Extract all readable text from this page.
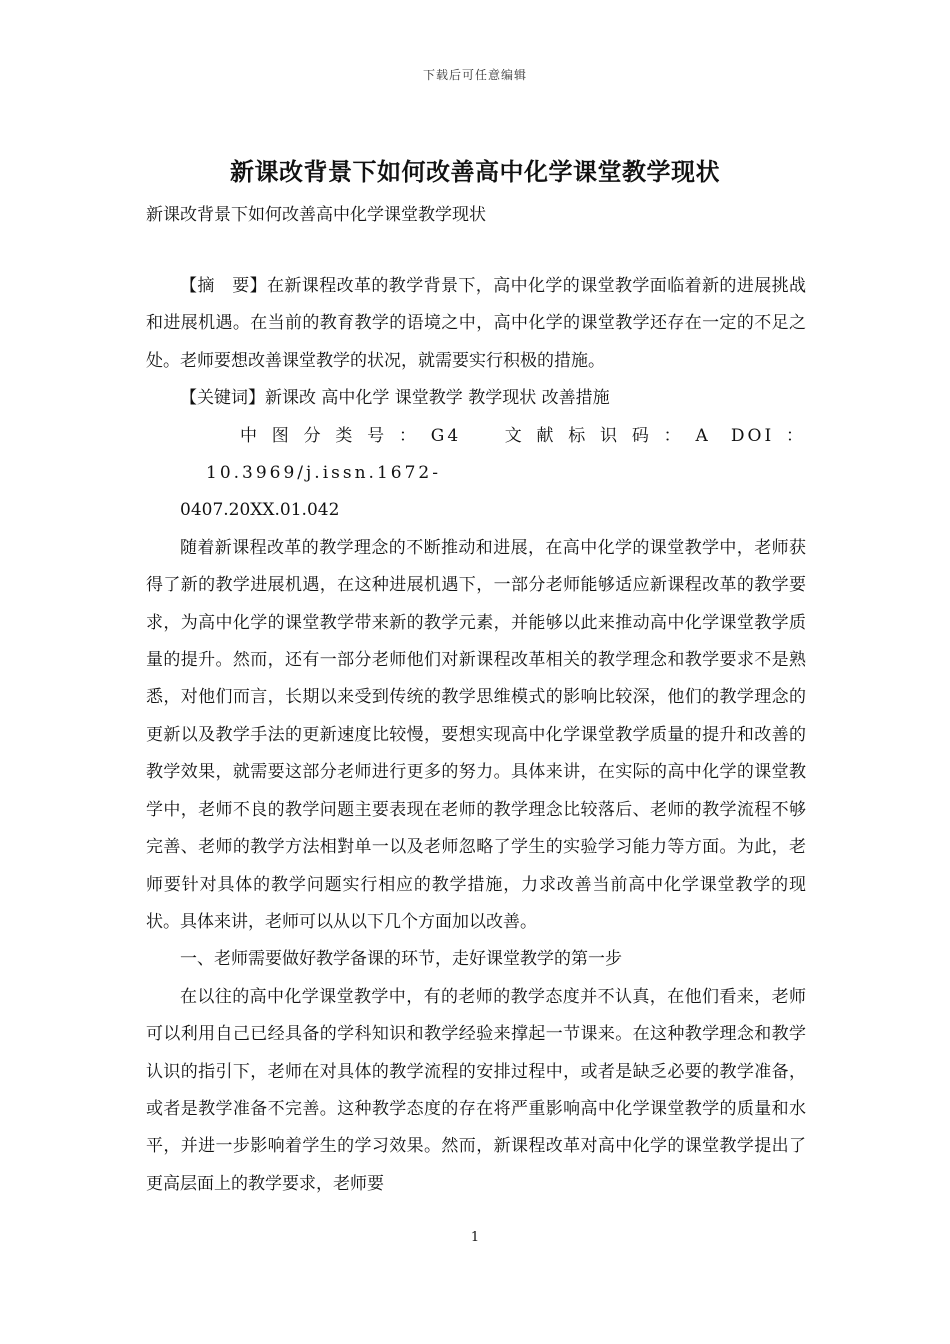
下载后可任意编辑
新课改背景下如何改善高中化学课堂教学现状
新课改背景下如何改善高中化学课堂教学现状

【摘　要】在新课程改革的教学背景下，高中化学的课堂教学面临着新的进展挑战和进展机遇。在当前的教育教学的语境之中，高中化学的课堂教学还存在一定的不足之处。老师要想改善课堂教学的状况，就需要实行积极的措施。

【关键词】新课改 高中化学 课堂教学 教学现状 改善措施

中图分类号：G4　文献标识码：A DOI：10.3969/j.issn.1672-

0407.20XX.01.042

随着新课程改革的教学理念的不断推动和进展，在高中化学的课堂教学中，老师获得了新的教学进展机遇，在这种进展机遇下，一部分老师能够适应新课程改革的教学要求，为高中化学的课堂教学带来新的教学元素，并能够以此来推动高中化学课堂教学质量的提升。然而，还有一部分老师他们对新课程改革相关的教学理念和教学要求不是熟悉，对他们而言，长期以来受到传统的教学思维模式的影响比较深，他们的教学理念的更新以及教学手法的更新速度比较慢，要想实现高中化学课堂教学质量的提升和改善的教学效果，就需要这部分老师进行更多的努力。具体来讲，在实际的高中化学的课堂教学中，老师不良的教学问题主要表现在老师的教学理念比较落后、老师的教学流程不够完善、老师的教学方法相對单一以及老师忽略了学生的实验学习能力等方面。为此，老师要针对具体的教学问题实行相应的教学措施，力求改善当前高中化学课堂教学的现状。具体来讲，老师可以从以下几个方面加以改善。

一、老师需要做好教学备课的环节，走好课堂教学的第一步

在以往的高中化学课堂教学中，有的老师的教学态度并不认真，在他们看来，老师可以利用自己已经具备的学科知识和教学经验来撑起一节课来。在这种教学理念和教学认识的指引下，老师在对具体的教学流程的安排过程中，或者是缺乏必要的教学准备，或者是教学准备不完善。这种教学态度的存在将严重影响高中化学课堂教学的质量和水平，并进一步影响着学生的学习效果。然而，新课程改革对高中化学的课堂教学提出了更高层面上的教学要求，老师要

1
